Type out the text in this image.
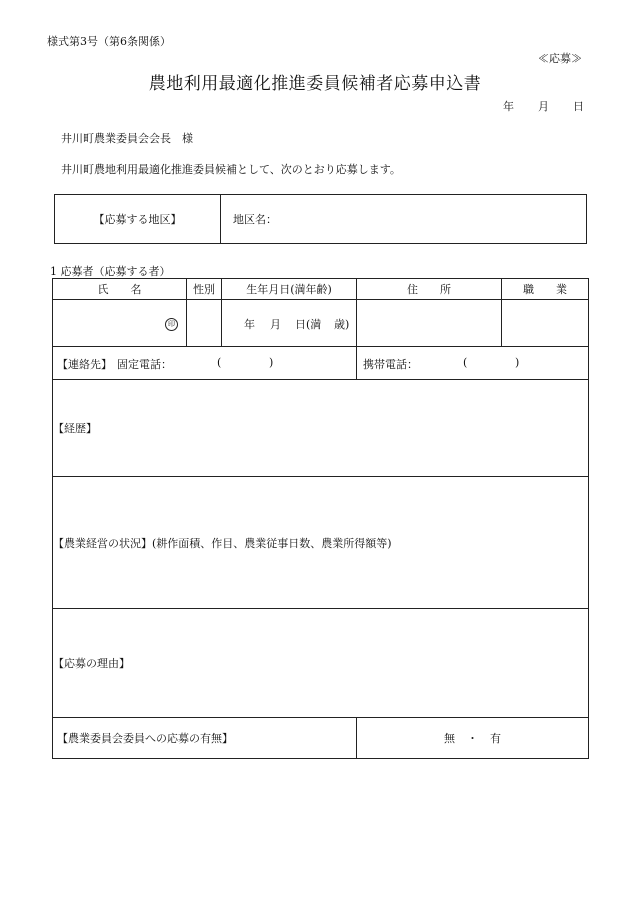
様式第3号（第6条関係）
≪応募≫
農地利用最適化推進委員候補者応募申込書
年 月 日
井川町農業委員会会長　様
井川町農地利用最適化推進委員候補として、次のとおり応募します。
【応募する地区】	地区名：
1 応募者（応募する者）
氏　　名	性別	生年月日(満年齢)	住　　所	職　　業
印		年 月 日(満 歳)		

【連絡先】 固定電話： ( )			携帯電話： ( )	

【経歴】				
【農業経営の状況】(耕作面積、作目、農業従事日数、農業所得額等)				
【応募の理由】				
【農業委員会委員への応募の有無】			無 ・ 有	
